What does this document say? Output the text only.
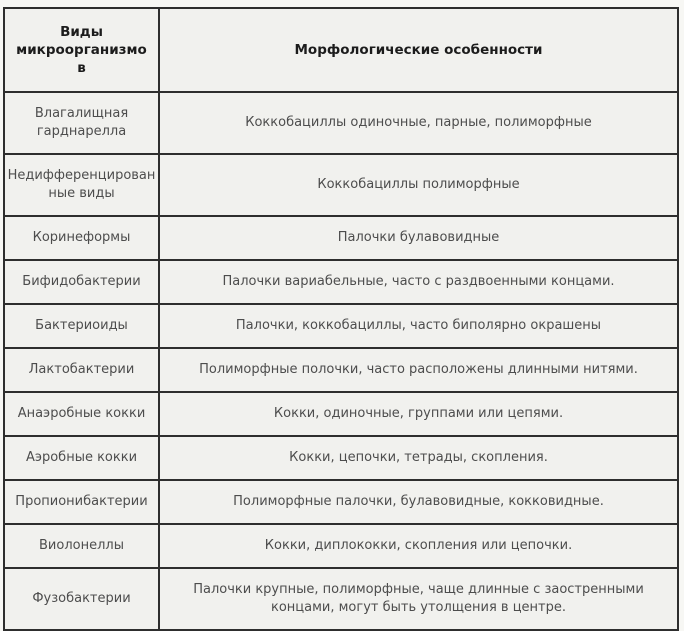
Виды микроорганизмов	Морфологические особенности
Влагалищная гарднарелла	Коккобациллы одиночные, парные, полиморфные
Недифференцированные виды	Коккобациллы полиморфные
Коринеформы	Палочки булавовидные
Бифидобактерии	Палочки вариабельные, часто с раздвоенными концами.
Бактериоиды	Палочки, коккобациллы, часто биполярно окрашены
Лактобактерии	Полиморфные полочки, часто расположены длинными нитями.
Анаэробные кокки	Кокки, одиночные, группами или цепями.
Аэробные кокки	Кокки, цепочки, тетрады, скопления.
Пропионибактерии	Полиморфные палочки, булавовидные, кокковидные.
Виолонеллы	Кокки, диплококки, скопления или цепочки.
Фузобактерии	Палочки крупные, полиморфные, чаще длинные с заостренными концами, могут быть утолщения в центре.
